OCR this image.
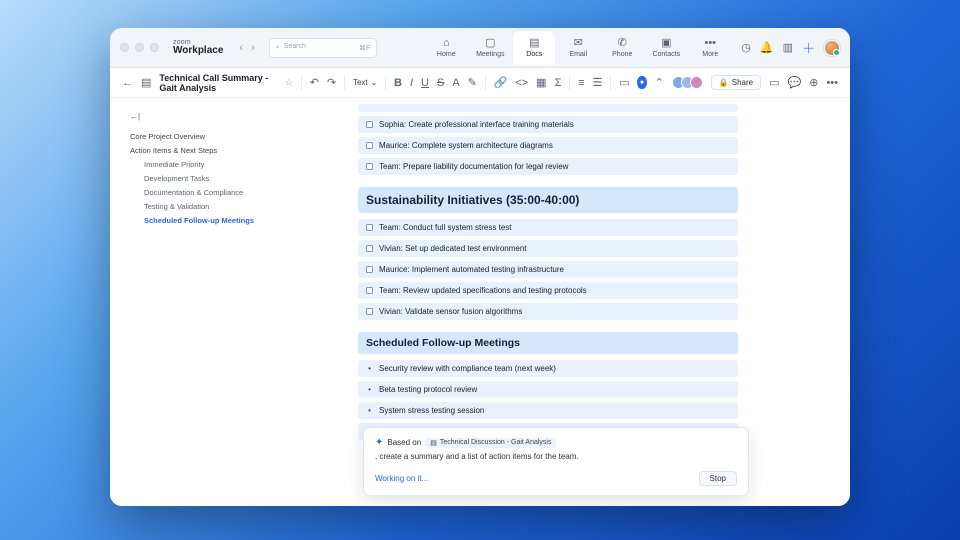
zoom
Workplace ‹ ›	⌕ Search	⌘F	⌂
Home
▢
Meetings
▤
Docs
✉
Email
✆
Phone
▣
Contacts
•••
More ◷ 🔔 ▥ ＋
← ▤ Technical Call Summary - Gait Analysis
☆ ↶ ↷ Text ⌄ B I U S A ✎ 🔗 <> ▦ Σ ≡ ☰ ▭ ✦ ⌃	🔒 Share ▭ 💬 ⊕ •••
←|
Core Project Overview
Action Items & Next Steps
Immediate Priority
Development Tasks
Documentation & Compliance
Testing & Validation
Scheduled Follow-up Meetings
Sophia: Create professional interface training materials
Maurice: Complete system architecture diagrams
Team: Prepare liability documentation for legal review
Sustainability Initiatives (35:00-40:00)
Team: Conduct full system stress test
Vivian: Set up dedicated test environment
Maurice: Implement automated testing infrastructure
Team: Review updated specifications and testing protocols
Vivian: Validate sensor fusion algorithms
Scheduled Follow-up Meetings
• Security review with compliance team (next week)
• Beta testing protocol review
• System stress testing session
✦ Based on ▤ Technical Discussion - Gait Analysis
, create a summary and a list of action items for the team.
Working on it...	Stop
